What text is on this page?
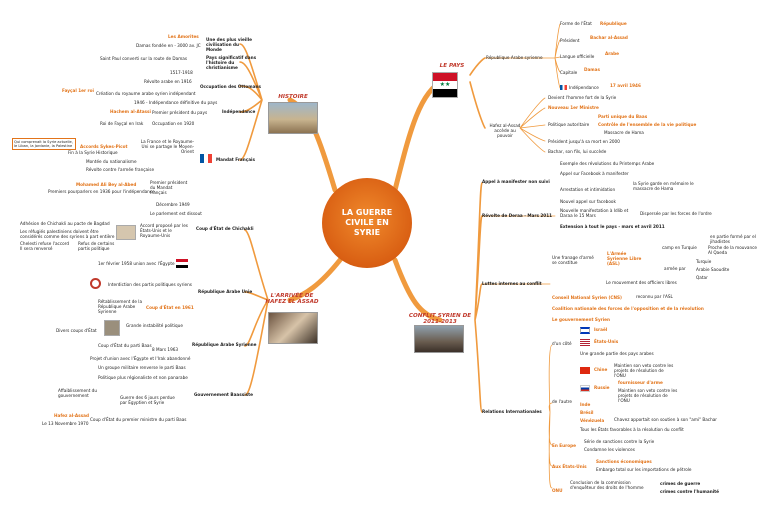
LA GUERRE CIVILE EN SYRIE
LE PAYS
★★
HISTOIRE
L'ARRIVÉE DE HAFEZ EL ASSAD
CONFLIT SYRIEN DE 2011-2013
République Arabe syrienne
Forme de l'État République
Président
Bachar al-Assad
Langue officielle
Arabe
Capitale
Damas
Indépendance	17 avril 1946
Hafez al-Assad accède au pouvoir
Devient l'homme fort de la Syrie
Nouveau 1er Ministre
Politique autoritaire
Parti unique du Baas
Contrôle de l'ensemble de la vie politique
Massacre de Hama
Président jusqu'à sa mort en 2000
Bachar, son fils, lui succède
Les Amorites
Damas fondée en - 3000 av. JC
Une des plus vieille civilisation du Monde
Saint Paul converti sur la route de Damas	Pays significatif dans l'histoire du christianisme
1517-1918
Révolte arabe en 1916
Fayçal 1er roi
Création du royaume arabe syrien indépendant
Occupation des Ottomans
1946 - Indépendance définitive du pays
Hachem al-Atassi Premier président du pays	Indépendance
Roi de Fayçal en Irak Occupation en 1920
La France et le Royaume-Uni se partage le Moyen-Orient
Qui comprenait la Syrie actuelle, le Liban, la Jordanie, la Palestine	Accords Sykes-Picot
Fin à la Syrie Historique
Montée du nationalisme
Révolte contre l'armée française
Mandat Français
Mohamed Ali Bey al-Abed	Premier président du Mandat français
Premiers pourparlers en 1936 pour l'indépendance
Coup d'État de Chichakli
Décembre 1949
Le parlement est dissout
Accord proposé par les États-Unis et le Royaume-Unis
Adhésion de Chichakli au pacte de Bagdad
Les réfugiés palestiniens doivent être considérés comme des syriens à part entière
Chelesti refuse l'accord Il sera renversé
Refus de certains partis politique
République Arabe Unie
1er février 1958 union avec l'Égypte
Interdiction des partis politiques syriens
Rétablissement de la République Arabe Syrienne
Coup d'État en 1961
République Arabe Syrienne
Grande instabilité politique
Divers coups d'État
Coup d'État du parti Baas
8 Mars 1963
Projet d'union avec l'Égypte et l'Irak abandonné
Un groupe militaire renverse le parti Baas
Politique plus régionaliste et non panarabe
Gouvernement Baassiste
Affaiblissement du gouvernement	Guerre des 6 jours perdue par Égyptien et Syrie
Hafez al-Assad
Le 13 Novembre 1970
Coup d'État du premier ministre du parti Baas
Appel à manifester non suivi
Exemple des révolutions du Printemps Arabe
Appel sur Facebook à manifester
Arrestation et intimidation
la Syrie garde en mémoire le massacre de Hama
Révolte de Deraa - Mars 2011
Nouvel appel sur facebook
Nouvelle manifestation à Idlib et Daraa le 15 Mars	Dispersée par les forces de l'ordre
Extension à tout le pays - mars et avril 2011
Luttes internes au conflit
Une franage d'armé se constitue
L'Armée Syrienne Libre (ASL)
camp en Turquie
en partie formé par el jihadistes
Proche de la mouvance Al Qaeda
armée par
Turquie
Arabie Saoudite
Qatar
Le mouvement des officiers libres
Conseil National Syrien (CNS)	reconnu par l'ASL
Coalition nationale des forces de l'opposition et de la révolution
Le gouvernement Syrien
Relations Internationales
d'un côté
Israël
États-Unis
Une grande partie des pays arabes
de l'autre
Chine
Maintien son veto contre les projets de résolution de l'ONU
Russie
fournisseur d'arme
Maintien son veto contre les projets de résolution de l'ONU
Inde
Brésil
Vénézuela Chavez apportait son soutien à son "ami" Bachar
Tous les États favorables à la résolution du conflit
En Europe
Série de sanctions contre la Syrie
Condamne les violences
Aux États-Unis
Sanctions économiques
Embargo total sur les importations de pétrole
ONU
Conclusion de la commission d'enquêteur des droits de l'homme
crimes de guerre
crimes contre l'humanité
